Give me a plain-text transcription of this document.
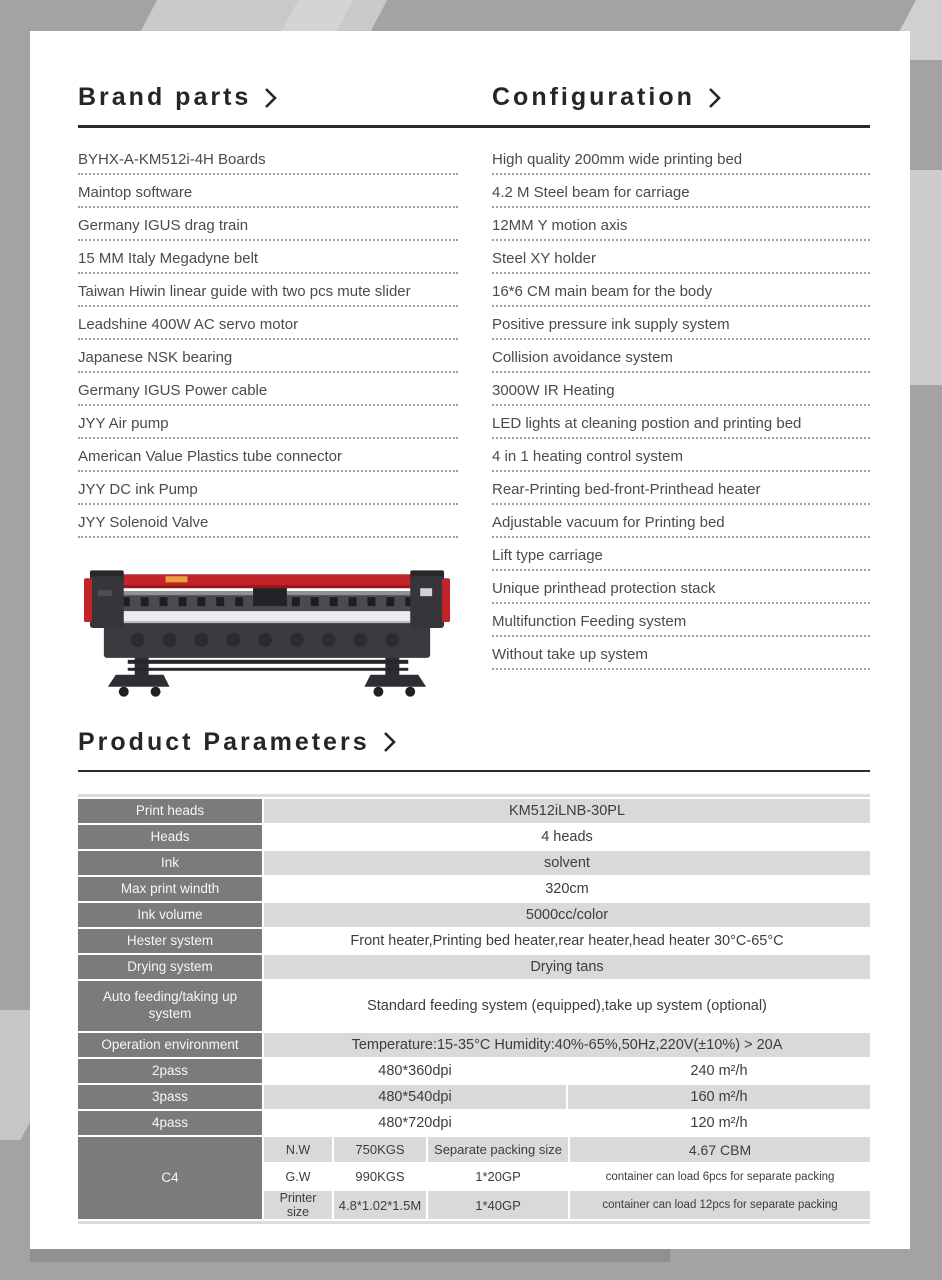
Brand parts	Configuration
BYHX-A-KM512i-4H Boards
Maintop software
Germany IGUS drag train
15 MM Italy Megadyne belt
Taiwan Hiwin linear guide with two pcs mute slider
Leadshine 400W AC servo motor
Japanese NSK bearing
Germany IGUS Power cable
JYY Air pump
American Value Plastics tube connector
JYY DC ink Pump
JYY Solenoid Valve
High quality 200mm wide printing bed
4.2 M Steel beam for carriage
12MM Y motion axis
Steel XY holder
16*6 CM main beam for the body
Positive pressure ink supply system
Collision avoidance system
3000W IR Heating
LED lights at cleaning postion and printing bed
4 in 1 heating control system
Rear-Printing bed-front-Printhead heater
Adjustable vacuum for Printing bed
Lift type carriage
Unique printhead protection stack
Multifunction Feeding system
Without take up system
Product Parameters
Print heads	KM512iLNB-30PL
Heads	4 heads
Ink	solvent
Max print windth	320cm
Ink volume	5000cc/color
Hester system	Front heater,Printing bed heater,rear heater,head heater 30°C-65°C
Drying system	Drying tans
Auto feeding/taking up system	Standard feeding system (equipped),take up system (optional)
Operation environment	Temperature:15-35°C Humidity:40%-65%,50Hz,220V(±10%) > 20A
2pass	480*360dpi	240 m²/h
3pass	480*540dpi	160 m²/h
4pass	480*720dpi	120 m²/h
C4
N.W	750KGS	Separate packing size	4.67 CBM
G.W	990KGS	1*20GP	container can load 6pcs for separate packing
Printer size	4.8*1.02*1.5M	1*40GP	container can load 12pcs for separate packing
